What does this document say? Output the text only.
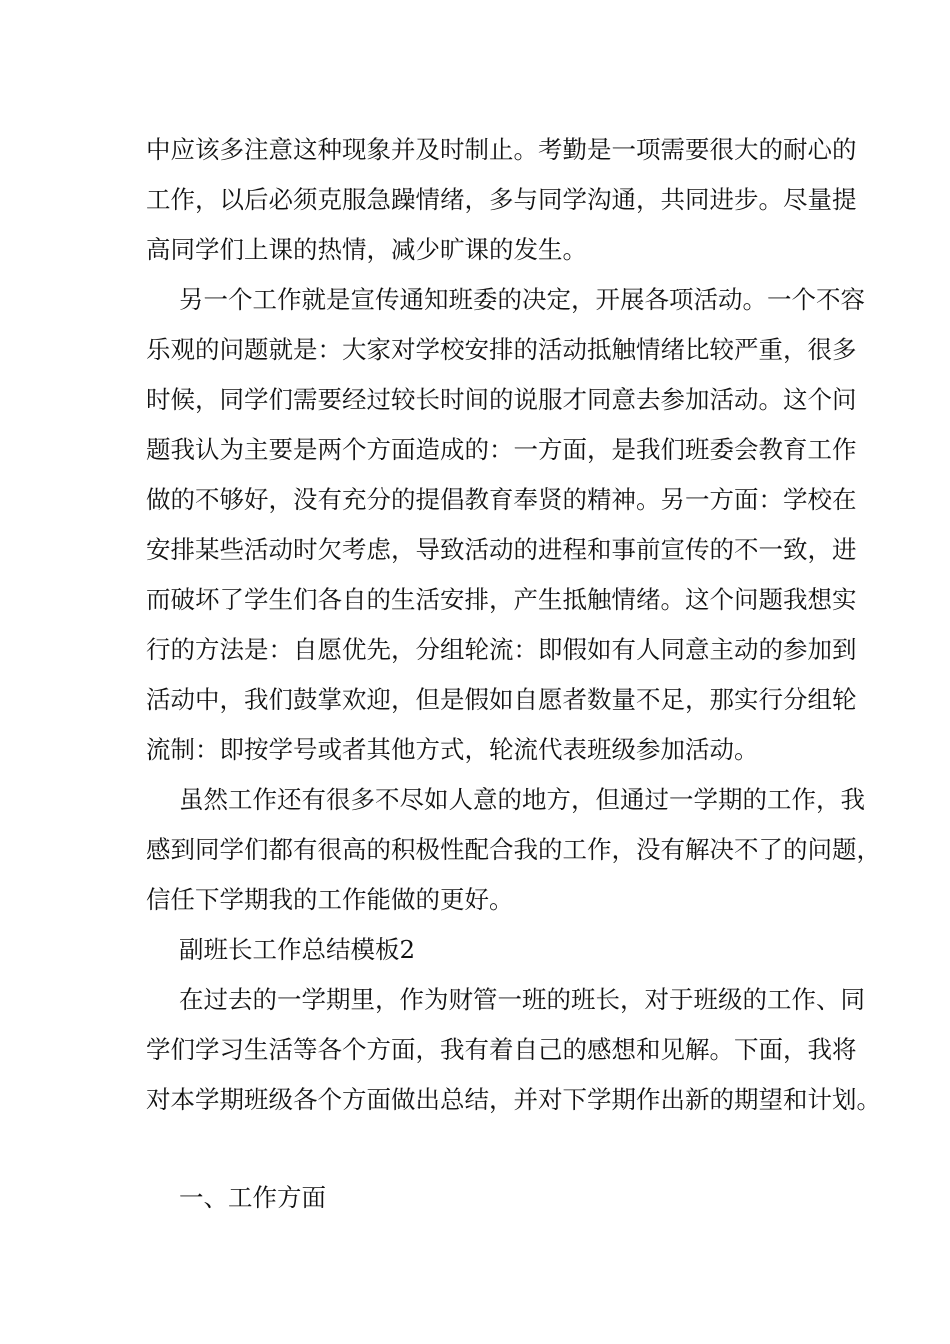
中应该多注意这种现象并及时制止。考勤是一项需要很大的耐心的
工作，以后必须克服急躁情绪，多与同学沟通，共同进步。尽量提
高同学们上课的热情，减少旷课的发生。
另一个工作就是宣传通知班委的决定，开展各项活动。一个不容
乐观的问题就是：大家对学校安排的活动抵触情绪比较严重，很多
时候，同学们需要经过较长时间的说服才同意去参加活动。这个问
题我认为主要是两个方面造成的：一方面，是我们班委会教育工作
做的不够好，没有充分的提倡教育奉贤的精神。另一方面：学校在
安排某些活动时欠考虑，导致活动的进程和事前宣传的不一致，进
而破坏了学生们各自的生活安排，产生抵触情绪。这个问题我想实
行的方法是：自愿优先，分组轮流：即假如有人同意主动的参加到
活动中，我们鼓掌欢迎，但是假如自愿者数量不足，那实行分组轮
流制：即按学号或者其他方式，轮流代表班级参加活动。
虽然工作还有很多不尽如人意的地方，但通过一学期的工作，我
感到同学们都有很高的积极性配合我的工作，没有解决不了的问题，
信任下学期我的工作能做的更好。
副班长工作总结模板2
在过去的一学期里，作为财管一班的班长，对于班级的工作、同
学们学习生活等各个方面，我有着自己的感想和见解。下面，我将
对本学期班级各个方面做出总结，并对下学期作出新的期望和计划。
一、工作方面
